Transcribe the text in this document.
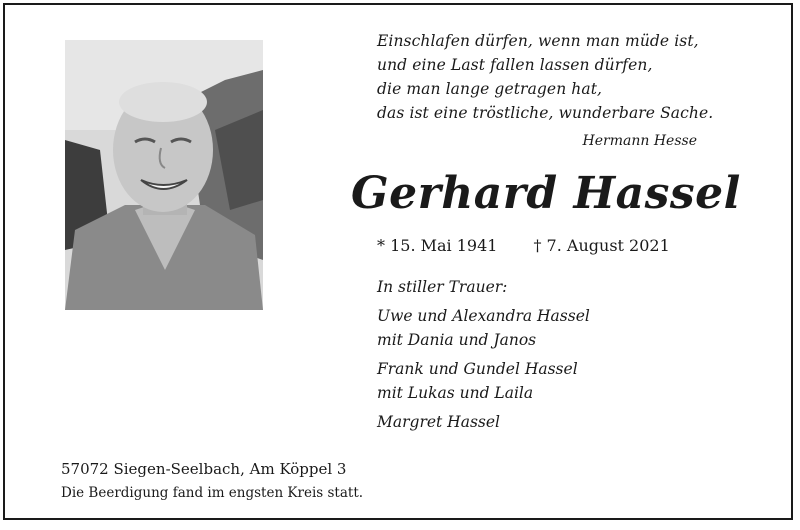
Einschlafen dürfen, wenn man müde ist,
und eine Last fallen lassen dürfen,
die man lange getragen hat,
das ist eine tröstliche, wunderbare Sache.
Hermann Hesse
Gerhard Hassel
* 15. Mai 1941 † 7. August 2021
In stiller Trauer:
Uwe und Alexandra Hassel
mit Dania und Janos
Frank und Gundel Hassel
mit Lukas und Laila
Margret Hassel
57072 Siegen-Seelbach, Am Köppel 3
Die Beerdigung fand im engsten Kreis statt.
